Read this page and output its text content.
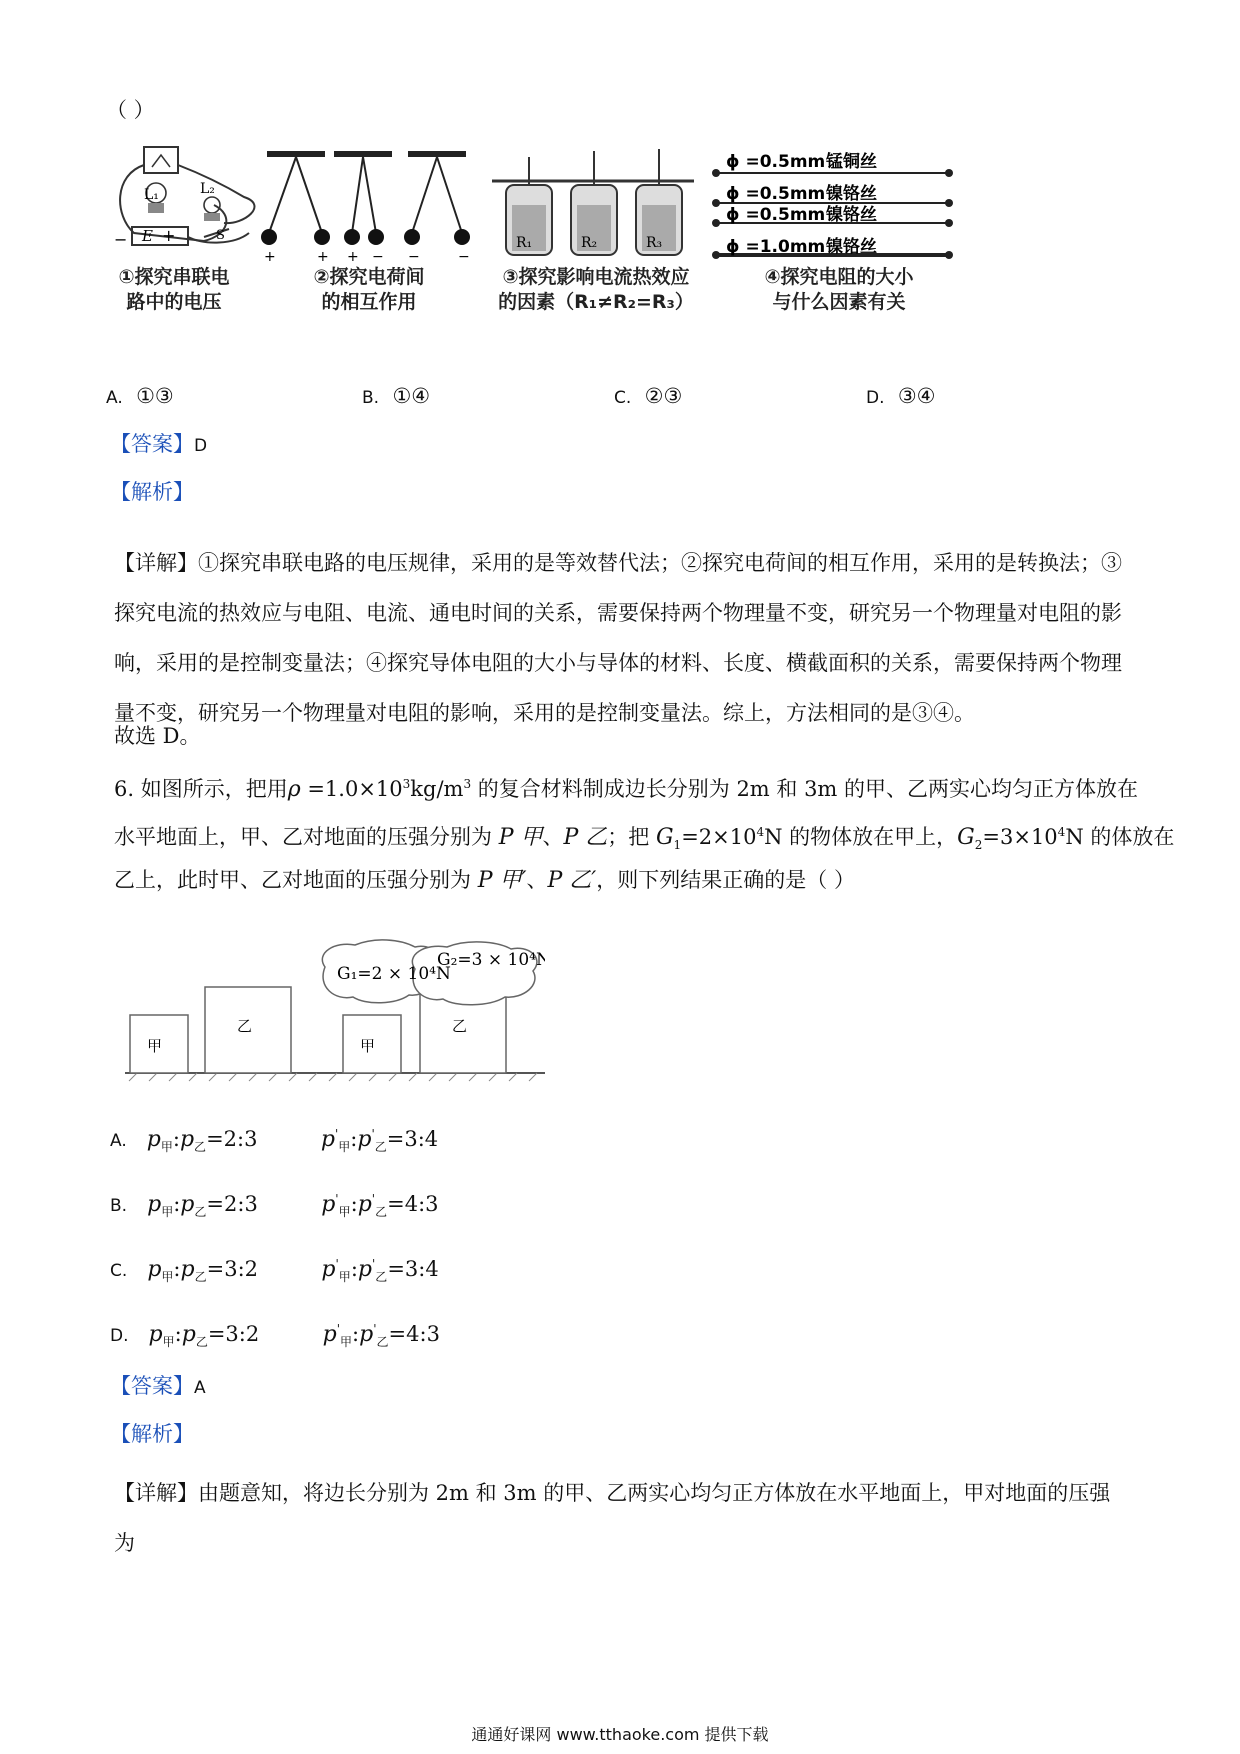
（ ）
L₁	L₂
E	S
− +
+	+ + − −	−
R₁	R₂	R₃
ϕ =0.5mm 锰铜丝
ϕ =0.5mm 镍铬丝
ϕ =0.5mm 镍铬丝
ϕ =1.0mm 镍铬丝
①探究串联电
路中的电压
②探究电荷间
的相互作用
③探究影响电流热效应
的因素（R₁≠R₂=R₃）
④探究电阻的大小
与什么因素有关
A. ①③	B. ①④	C. ②③	D. ③④
【答案】D
【解析】
【详解】①探究串联电路的电压规律，采用的是等效替代法；②探究电荷间的相互作用，采用的是转换法；③探究电流的热效应与电阻、电流、通电时间的关系，需要保持两个物理量不变，研究另一个物理量对电阻的影响，采用的是控制变量法；④探究导体电阻的大小与导体的材料、长度、横截面积的关系，需要保持两个物理量不变，研究另一个物理量对电阻的影响，采用的是控制变量法。综上，方法相同的是③④。
故选 D。
6. 如图所示，把用$\rho =1.0\times 10^3kg/m^3$ 的复合材料制成边长分别为 2m 和 3m 的甲、乙两实心均匀正方体放在
水平地面上，甲、乙对地面的压强分别为 P 甲、P 乙；把 $G_1=2\times 10^4N$ 的物体放在甲上，$G_2=3\times 10^4N$ 的体放在
乙上，此时甲、乙对地面的压强分别为 P 甲′、P 乙′，则下列结果正确的是（ ）
甲
乙
甲
乙
G₁=2 × 10⁴N
G₂=3 × 10⁴N
A. $p_甲:p_乙=2:3$	$p'_甲:p'_乙=3:4$
B. $p_甲:p_乙=2:3$	$p'_甲:p'_乙=4:3$
C. $p_甲:p_乙=3:2$	$p'_甲:p'_乙=3:4$
D. $p_甲:p_乙=3:2$	$p'_甲:p'_乙=4:3$
【答案】A
【解析】
【详解】由题意知，将边长分别为 2m 和 3m 的甲、乙两实心均匀正方体放在水平地面上，甲对地面的压强为
通通好课网 www.tthaoke.com 提供下载
